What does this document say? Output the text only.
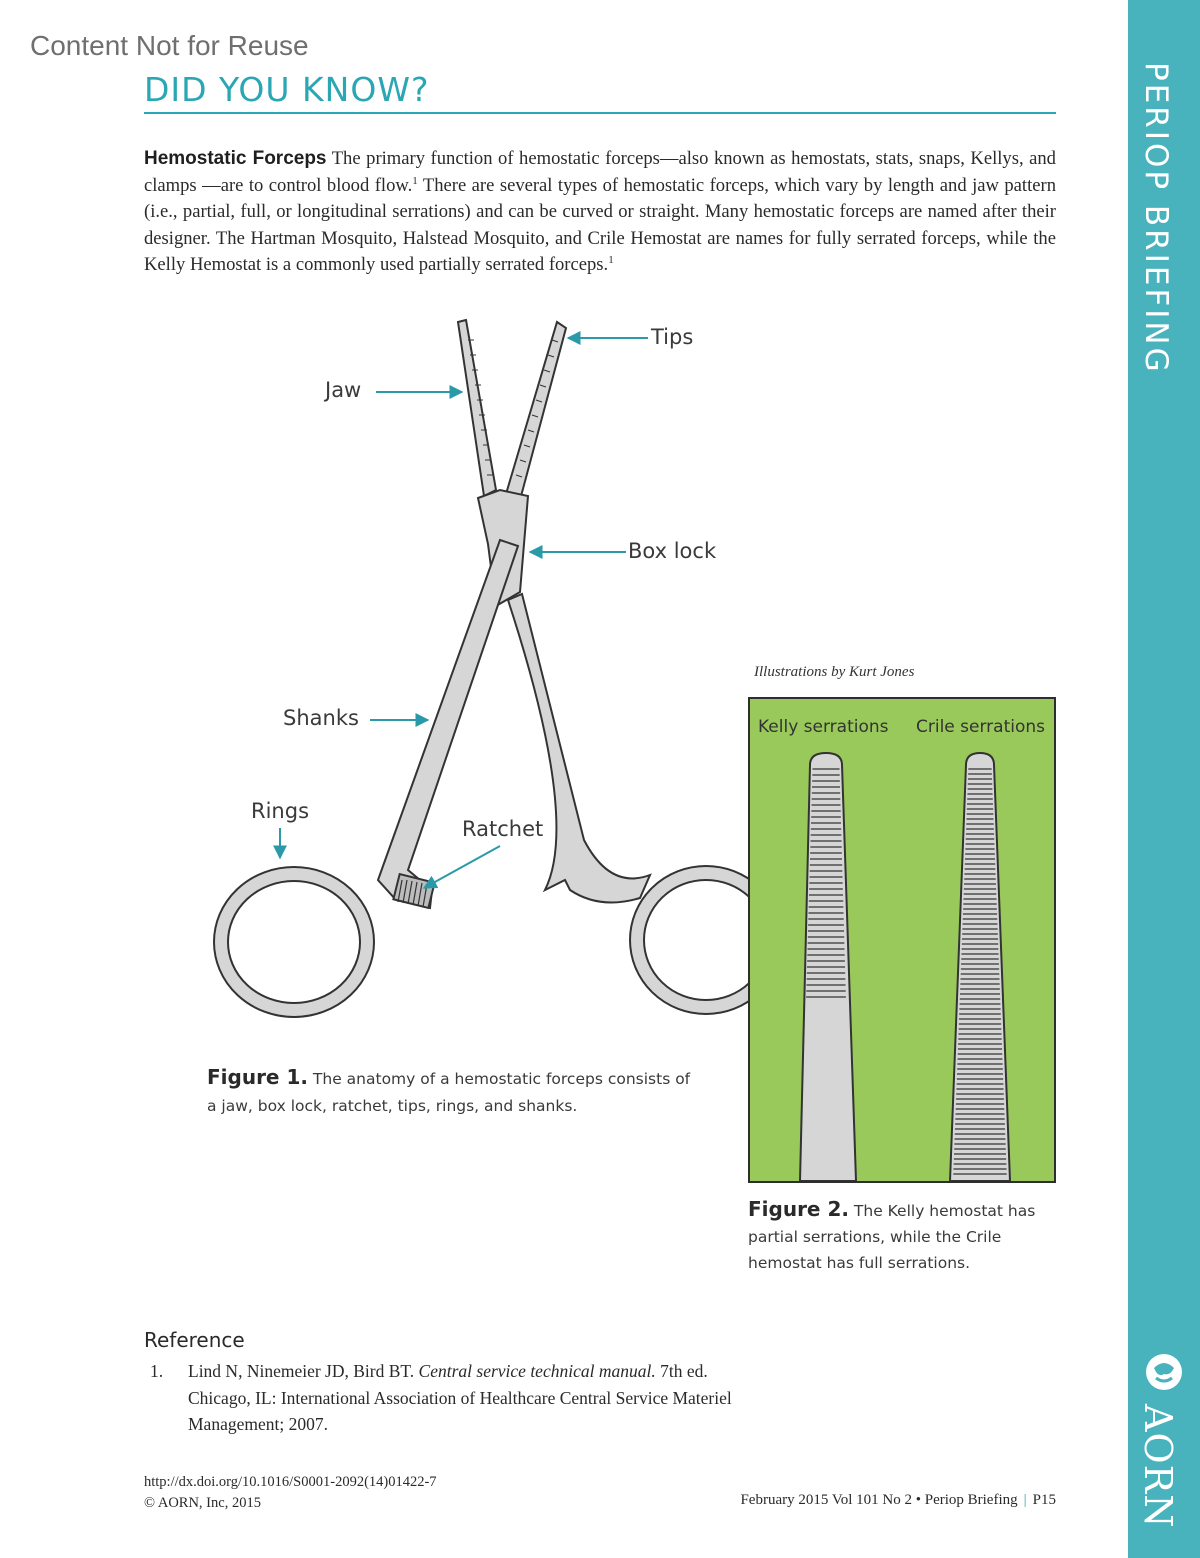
Content Not for Reuse
DID YOU KNOW?	PERIOP BRIEFING
AORN
Hemostatic Forceps The primary function of hemostatic forceps—also known as hemostats, stats, snaps, Kellys, and clamps —are to control blood flow.$^1$ There are several types of hemostatic forceps, which vary by length and jaw pattern (i.e., partial, full, or longitudinal serrations) and can be curved or straight. Many hemostatic forceps are named after their designer. The Hartman Mosquito, Halstead Mosquito, and Crile Hemostat are names for fully serrated forceps, while the Kelly Hemostat is a commonly used partially serrated forceps.$^1$
Tips
Jaw
Box lock
Shanks
Rings
Ratchet
Figure 1. The anatomy of a hemostatic forceps consists of a jaw, box lock, ratchet, tips, rings, and shanks.
Illustrations by Kurt Jones
Kelly serrations Crile serrations
Figure 2. The Kelly hemostat has partial serrations, while the Crile hemostat has full serrations.
Reference
1. Lind N, Ninemeier JD, Bird BT. Central service technical manual. 7th ed. Chicago, IL: International Association of Healthcare Central Service Materiel Management; 2007.
http://dx.doi.org/10.1016/S0001-2092(14)01422-7
© AORN, Inc, 2015	February 2015 Vol 101 No 2 • Periop Briefing | P15
